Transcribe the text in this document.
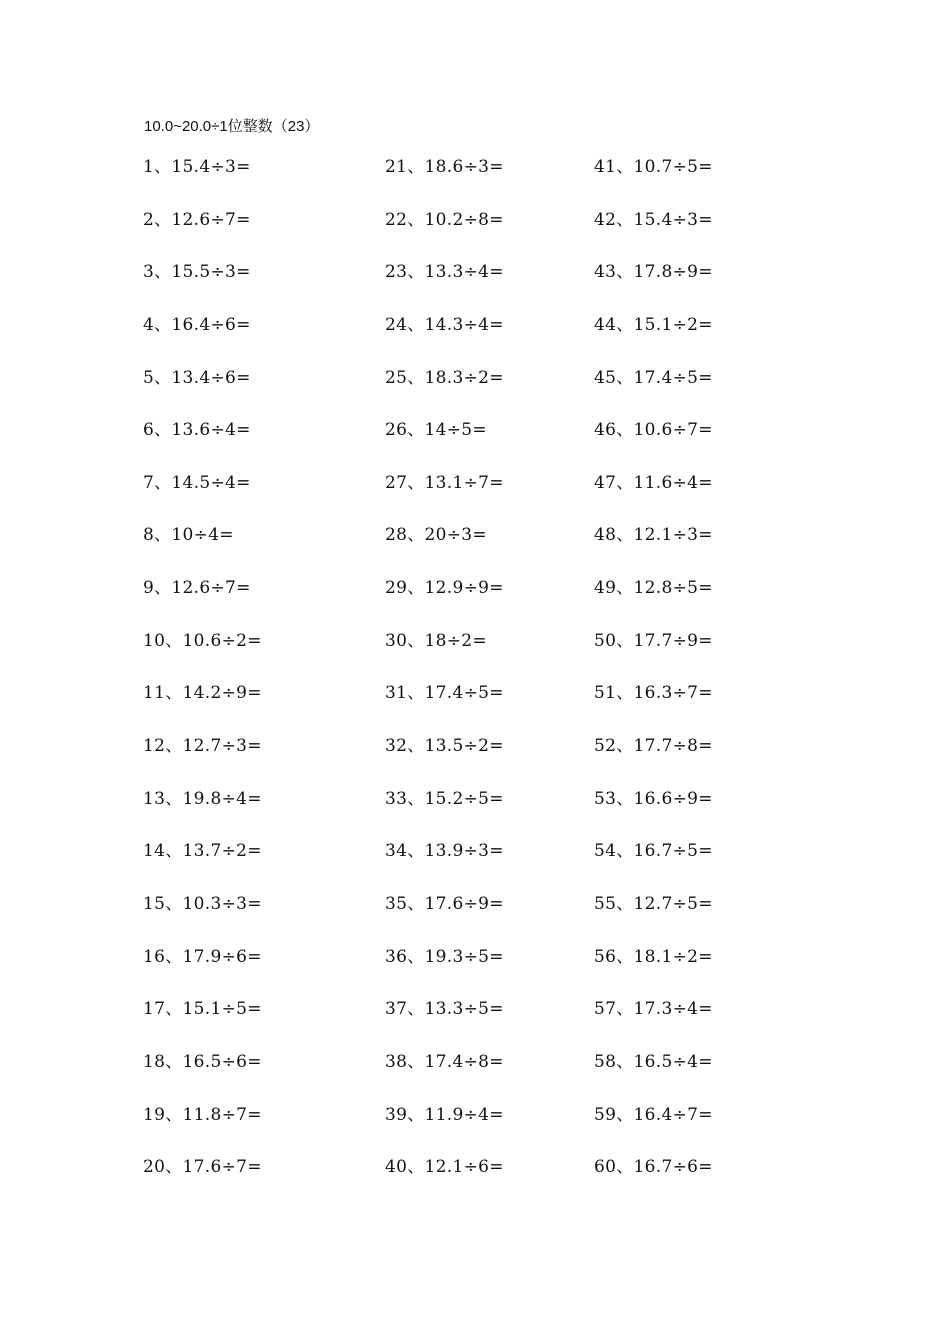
10.0~20.0÷1位整数（23）
1、15.4÷3=
2、12.6÷7=
3、15.5÷3=
4、16.4÷6=
5、13.4÷6=
6、13.6÷4=
7、14.5÷4=
8、10÷4=
9、12.6÷7=
10、10.6÷2=
11、14.2÷9=
12、12.7÷3=
13、19.8÷4=
14、13.7÷2=
15、10.3÷3=
16、17.9÷6=
17、15.1÷5=
18、16.5÷6=
19、11.8÷7=
20、17.6÷7=
21、18.6÷3=
22、10.2÷8=
23、13.3÷4=
24、14.3÷4=
25、18.3÷2=
26、14÷5=
27、13.1÷7=
28、20÷3=
29、12.9÷9=
30、18÷2=
31、17.4÷5=
32、13.5÷2=
33、15.2÷5=
34、13.9÷3=
35、17.6÷9=
36、19.3÷5=
37、13.3÷5=
38、17.4÷8=
39、11.9÷4=
40、12.1÷6=
41、10.7÷5=
42、15.4÷3=
43、17.8÷9=
44、15.1÷2=
45、17.4÷5=
46、10.6÷7=
47、11.6÷4=
48、12.1÷3=
49、12.8÷5=
50、17.7÷9=
51、16.3÷7=
52、17.7÷8=
53、16.6÷9=
54、16.7÷5=
55、12.7÷5=
56、18.1÷2=
57、17.3÷4=
58、16.5÷4=
59、16.4÷7=
60、16.7÷6=
